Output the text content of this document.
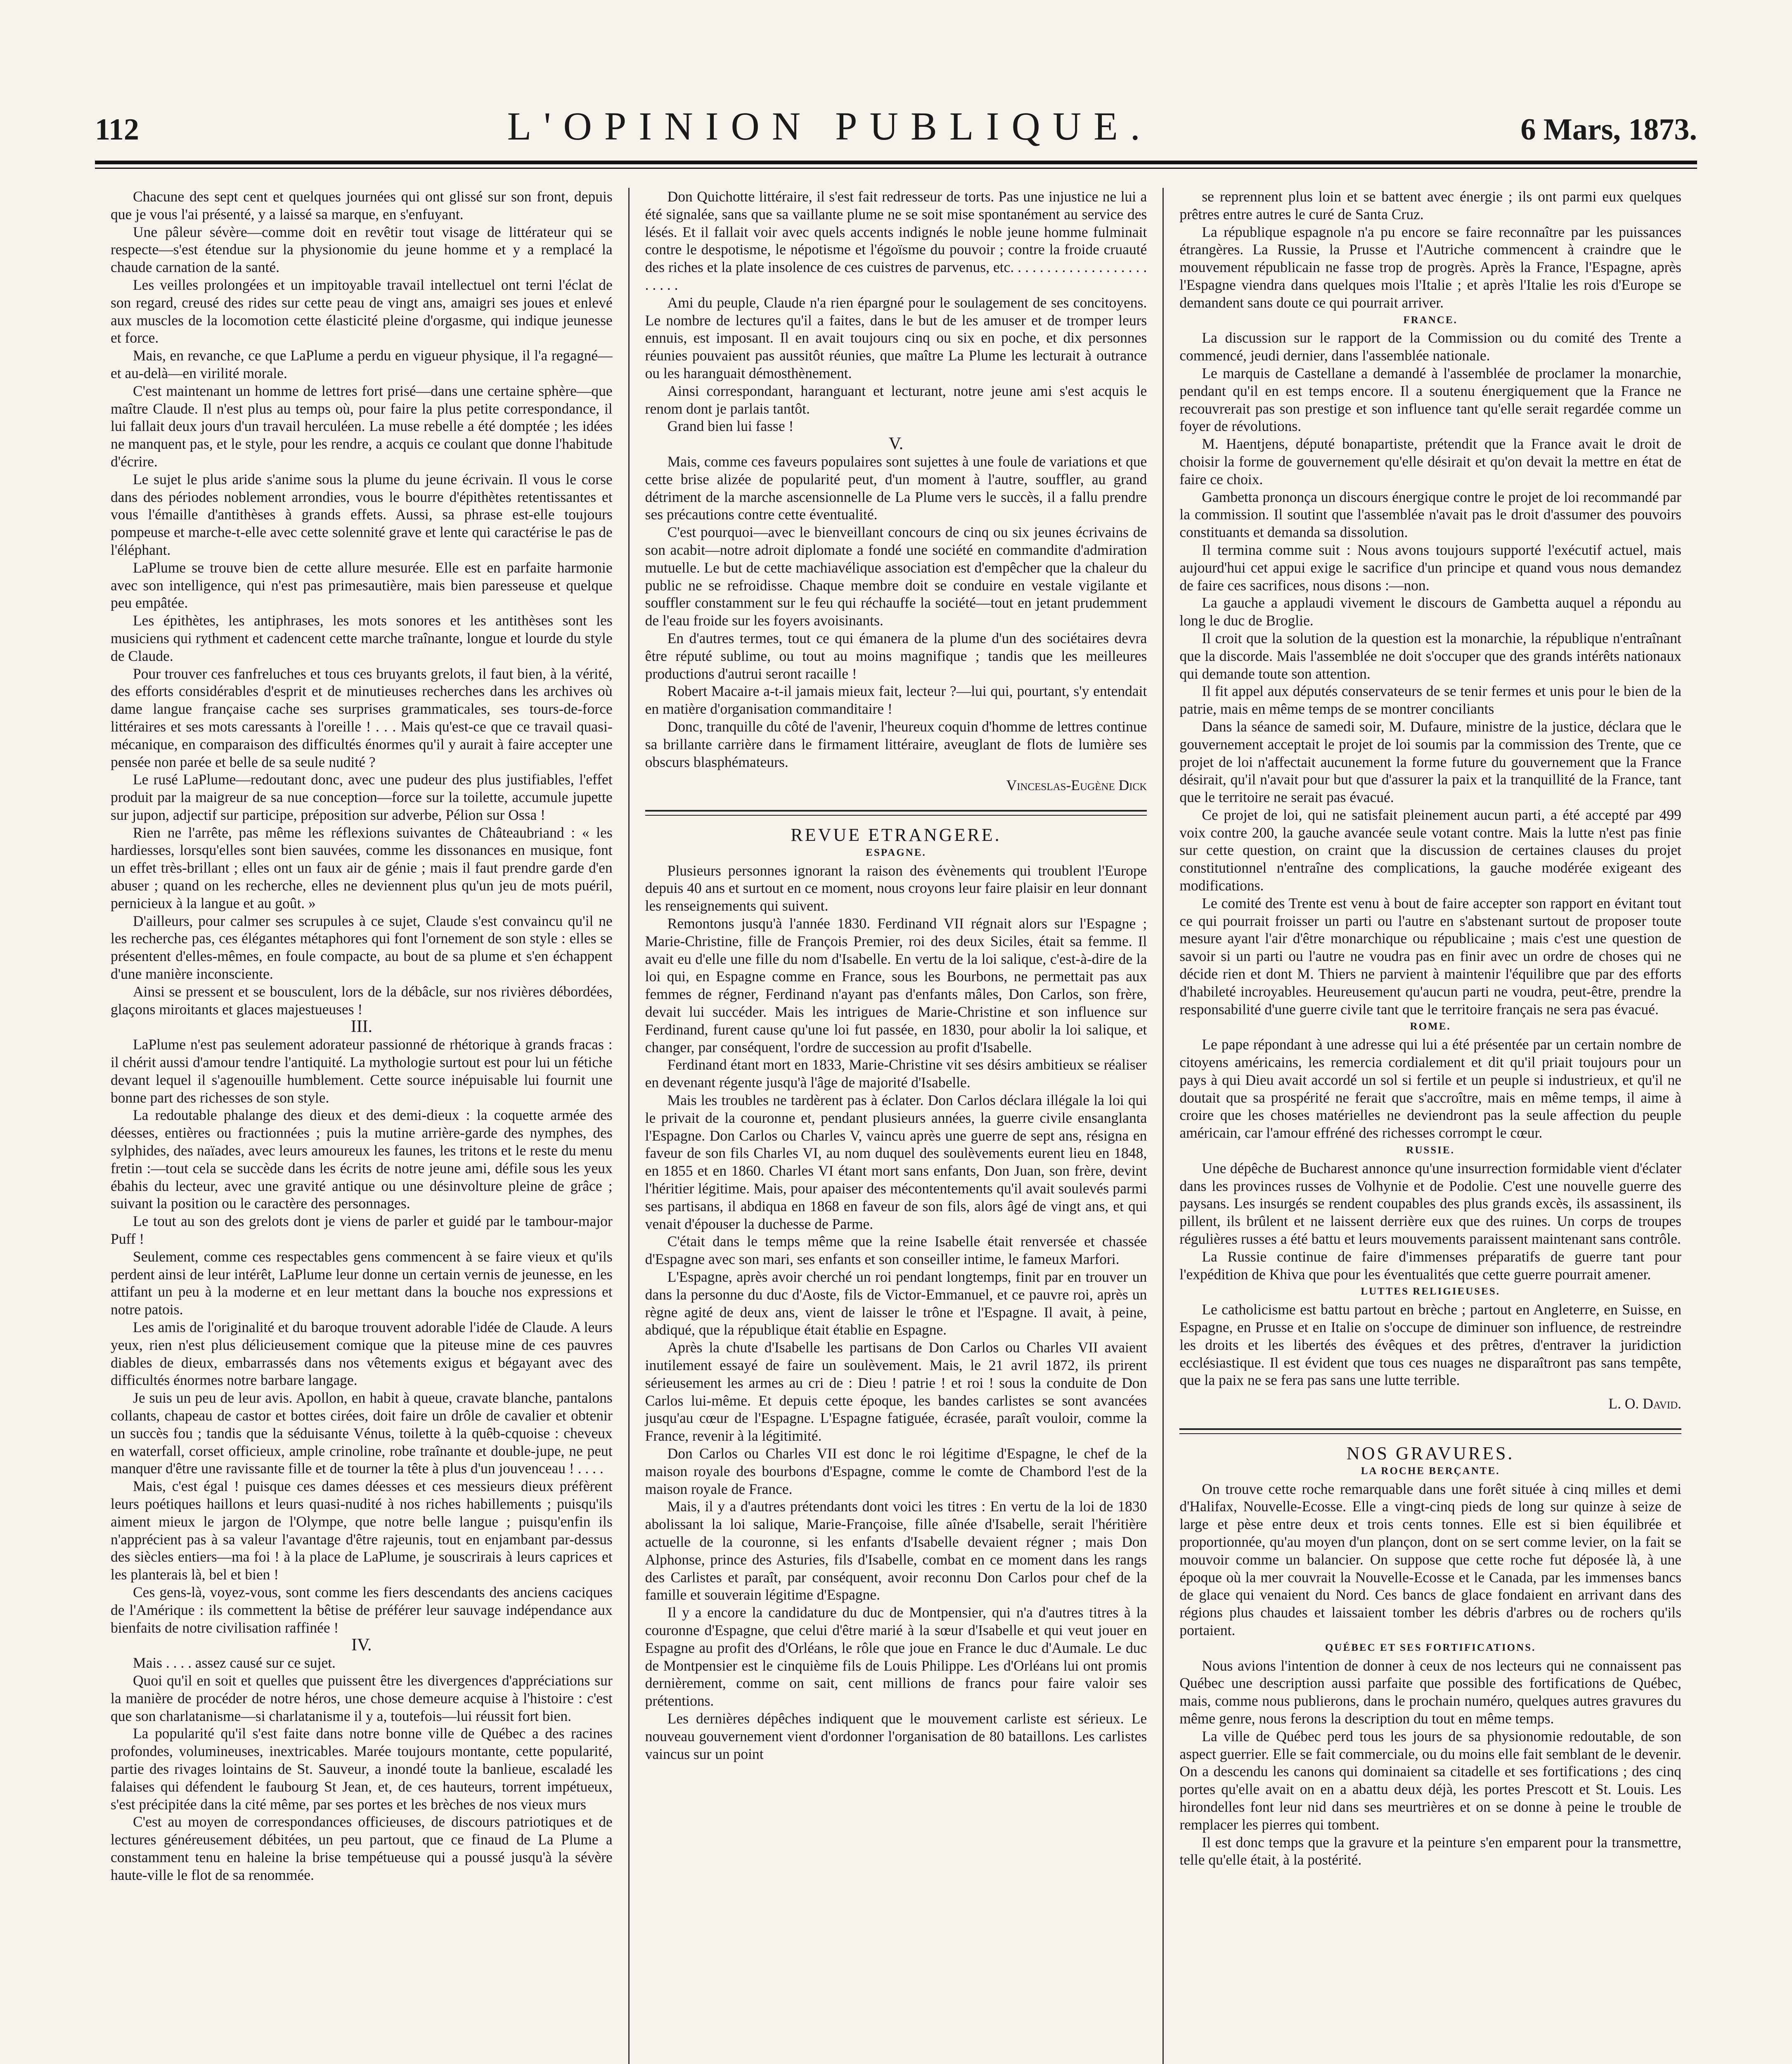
112	L'OPINION PUBLIQUE.	6 Mars, 1873.

Chacune des sept cent et quelques journées qui ont glissé sur son front, depuis que je vous l'ai présenté, y a laissé sa marque, en s'enfuyant.

Une pâleur sévère—comme doit en revêtir tout visage de littérateur qui se respecte—s'est étendue sur la physionomie du jeune homme et y a remplacé la chaude carnation de la santé.

Les veilles prolongées et un impitoyable travail intellectuel ont terni l'éclat de son regard, creusé des rides sur cette peau de vingt ans, amaigri ses joues et enlevé aux muscles de la locomotion cette élasticité pleine d'orgasme, qui indique jeunesse et force.

Mais, en revanche, ce que LaPlume a perdu en vigueur physique, il l'a regagné—et au-delà—en virilité morale.

C'est maintenant un homme de lettres fort prisé—dans une certaine sphère—que maître Claude. Il n'est plus au temps où, pour faire la plus petite correspondance, il lui fallait deux jours d'un travail herculéen. La muse rebelle a été domptée ; les idées ne manquent pas, et le style, pour les rendre, a acquis ce coulant que donne l'habitude d'écrire.

Le sujet le plus aride s'anime sous la plume du jeune écrivain. Il vous le corse dans des périodes noblement arrondies, vous le bourre d'épithètes retentissantes et vous l'émaille d'antithèses à grands effets. Aussi, sa phrase est-elle toujours pompeuse et marche-t-elle avec cette solennité grave et lente qui caractérise le pas de l'éléphant.

LaPlume se trouve bien de cette allure mesurée. Elle est en parfaite harmonie avec son intelligence, qui n'est pas primesautière, mais bien paresseuse et quelque peu empâtée.

Les épithètes, les antiphrases, les mots sonores et les antithèses sont les musiciens qui rythment et cadencent cette marche traînante, longue et lourde du style de Claude.

Pour trouver ces fanfreluches et tous ces bruyants grelots, il faut bien, à la vérité, des efforts considérables d'esprit et de minutieuses recherches dans les archives où dame langue française cache ses surprises grammaticales, ses tours-de-force littéraires et ses mots caressants à l'oreille ! . . . Mais qu'est-ce que ce travail quasi-mécanique, en comparaison des difficultés énormes qu'il y aurait à faire accepter une pensée non parée et belle de sa seule nudité ?

Le rusé LaPlume—redoutant donc, avec une pudeur des plus justifiables, l'effet produit par la maigreur de sa nue conception—force sur la toilette, accumule jupette sur jupon, adjectif sur participe, préposition sur adverbe, Pélion sur Ossa !

Rien ne l'arrête, pas même les réflexions suivantes de Châteaubriand : « les hardiesses, lorsqu'elles sont bien sauvées, comme les dissonances en musique, font un effet très-brillant ; elles ont un faux air de génie ; mais il faut prendre garde d'en abuser ; quand on les recherche, elles ne deviennent plus qu'un jeu de mots puéril, pernicieux à la langue et au goût. »

D'ailleurs, pour calmer ses scrupules à ce sujet, Claude s'est convaincu qu'il ne les recherche pas, ces élégantes métaphores qui font l'ornement de son style : elles se présentent d'elles-mêmes, en foule compacte, au bout de sa plume et s'en échappent d'une manière inconsciente.

Ainsi se pressent et se bousculent, lors de la débâcle, sur nos rivières débordées, glaçons miroitants et glaces majestueuses !

III.

LaPlume n'est pas seulement adorateur passionné de rhétorique à grands fracas : il chérit aussi d'amour tendre l'antiquité. La mythologie surtout est pour lui un fétiche devant lequel il s'agenouille humblement. Cette source inépuisable lui fournit une bonne part des richesses de son style.

La redoutable phalange des dieux et des demi-dieux : la coquette armée des déesses, entières ou fractionnées ; puis la mutine arrière-garde des nymphes, des sylphides, des naïades, avec leurs amoureux les faunes, les tritons et le reste du menu fretin :—tout cela se succède dans les écrits de notre jeune ami, défile sous les yeux ébahis du lecteur, avec une gravité antique ou une désinvolture pleine de grâce ; suivant la position ou le caractère des personnages.

Le tout au son des grelots dont je viens de parler et guidé par le tambour-major Puff !

Seulement, comme ces respectables gens commencent à se faire vieux et qu'ils perdent ainsi de leur intérêt, LaPlume leur donne un certain vernis de jeunesse, en les attifant un peu à la moderne et en leur mettant dans la bouche nos expressions et notre patois.

Les amis de l'originalité et du baroque trouvent adorable l'idée de Claude. A leurs yeux, rien n'est plus délicieusement comique que la piteuse mine de ces pauvres diables de dieux, embarrassés dans nos vêtements exigus et bégayant avec des difficultés énormes notre barbare langage.

Je suis un peu de leur avis. Apollon, en habit à queue, cravate blanche, pantalons collants, chapeau de castor et bottes cirées, doit faire un drôle de cavalier et obtenir un succès fou ; tandis que la séduisante Vénus, toilette à la quêb-cquoise : cheveux en waterfall, corset officieux, ample crinoline, robe traînante et double-jupe, ne peut manquer d'être une ravissante fille et de tourner la tête à plus d'un jouvenceau ! . . . .

Mais, c'est égal ! puisque ces dames déesses et ces messieurs dieux préfèrent leurs poétiques haillons et leurs quasi-nudité à nos riches habillements ; puisqu'ils aiment mieux le jargon de l'Olympe, que notre belle langue ; puisqu'enfin ils n'apprécient pas à sa valeur l'avantage d'être rajeunis, tout en enjambant par-dessus des siècles entiers—ma foi ! à la place de LaPlume, je souscrirais à leurs caprices et les planterais là, bel et bien !

Ces gens-là, voyez-vous, sont comme les fiers descendants des anciens caciques de l'Amérique : ils commettent la bêtise de préférer leur sauvage indépendance aux bienfaits de notre civilisation raffinée !

IV.

Mais . . . . assez causé sur ce sujet.

Quoi qu'il en soit et quelles que puissent être les divergences d'appréciations sur la manière de procéder de notre héros, une chose demeure acquise à l'histoire : c'est que son charlatanisme—si charlatanisme il y a, toutefois—lui réussit fort bien.

La popularité qu'il s'est faite dans notre bonne ville de Québec a des racines profondes, volumineuses, inextricables. Marée toujours montante, cette popularité, partie des rivages lointains de St. Sauveur, a inondé toute la banlieue, escaladé les falaises qui défendent le faubourg St Jean, et, de ces hauteurs, torrent impétueux, s'est précipitée dans la cité même, par ses portes et les brèches de nos vieux murs

C'est au moyen de correspondances officieuses, de discours patriotiques et de lectures généreusement débitées, un peu partout, que ce finaud de La Plume a constamment tenu en haleine la brise tempétueuse qui a poussé jusqu'à la sévère haute-ville le flot de sa renommée.

Don Quichotte littéraire, il s'est fait redresseur de torts. Pas une injustice ne lui a été signalée, sans que sa vaillante plume ne se soit mise spontanément au service des lésés. Et il fallait voir avec quels accents indignés le noble jeune homme fulminait contre le despotisme, le népotisme et l'égoïsme du pouvoir ; contre la froide cruauté des riches et la plate insolence de ces cuistres de parvenus, etc. . . . . . . . . . . . . . . . . . . . . . . .

Ami du peuple, Claude n'a rien épargné pour le soulagement de ses concitoyens. Le nombre de lectures qu'il a faites, dans le but de les amuser et de tromper leurs ennuis, est imposant. Il en avait toujours cinq ou six en poche, et dix personnes réunies pouvaient pas aussitôt réunies, que maître La Plume les lecturait à outrance ou les haranguait démosthènement.

Ainsi correspondant, haranguant et lecturant, notre jeune ami s'est acquis le renom dont je parlais tantôt.

Grand bien lui fasse !

V.

Mais, comme ces faveurs populaires sont sujettes à une foule de variations et que cette brise alizée de popularité peut, d'un moment à l'autre, souffler, au grand détriment de la marche ascensionnelle de La Plume vers le succès, il a fallu prendre ses précautions contre cette éventualité.

C'est pourquoi—avec le bienveillant concours de cinq ou six jeunes écrivains de son acabit—notre adroit diplomate a fondé une société en commandite d'admiration mutuelle. Le but de cette machiavélique association est d'empêcher que la chaleur du public ne se refroidisse. Chaque membre doit se conduire en vestale vigilante et souffler constamment sur le feu qui réchauffe la société—tout en jetant prudemment de l'eau froide sur les foyers avoisinants.

En d'autres termes, tout ce qui émanera de la plume d'un des sociétaires devra être réputé sublime, ou tout au moins magnifique ; tandis que les meilleures productions d'autrui seront racaille !

Robert Macaire a-t-il jamais mieux fait, lecteur ?—lui qui, pourtant, s'y entendait en matière d'organisation commanditaire !

Donc, tranquille du côté de l'avenir, l'heureux coquin d'homme de lettres continue sa brillante carrière dans le firmament littéraire, aveuglant de flots de lumière ses obscurs blasphémateurs.

Vinceslas-Eugène Dick

REVUE ETRANGERE.

ESPAGNE.

Plusieurs personnes ignorant la raison des évènements qui troublent l'Europe depuis 40 ans et surtout en ce moment, nous croyons leur faire plaisir en leur donnant les renseignements qui suivent.

Remontons jusqu'à l'année 1830. Ferdinand VII régnait alors sur l'Espagne ; Marie-Christine, fille de François Premier, roi des deux Siciles, était sa femme. Il avait eu d'elle une fille du nom d'Isabelle. En vertu de la loi salique, c'est-à-dire de la loi qui, en Espagne comme en France, sous les Bourbons, ne permettait pas aux femmes de régner, Ferdinand n'ayant pas d'enfants mâles, Don Carlos, son frère, devait lui succéder. Mais les intrigues de Marie-Christine et son influence sur Ferdinand, furent cause qu'une loi fut passée, en 1830, pour abolir la loi salique, et changer, par conséquent, l'ordre de succession au profit d'Isabelle.

Ferdinand étant mort en 1833, Marie-Christine vit ses désirs ambitieux se réaliser en devenant régente jusqu'à l'âge de majorité d'Isabelle.

Mais les troubles ne tardèrent pas à éclater. Don Carlos déclara illégale la loi qui le privait de la couronne et, pendant plusieurs années, la guerre civile ensanglanta l'Espagne. Don Carlos ou Charles V, vaincu après une guerre de sept ans, résigna en faveur de son fils Charles VI, au nom duquel des soulèvements eurent lieu en 1848, en 1855 et en 1860. Charles VI étant mort sans enfants, Don Juan, son frère, devint l'héritier légitime. Mais, pour apaiser des mécontentements qu'il avait soulevés parmi ses partisans, il abdiqua en 1868 en faveur de son fils, alors âgé de vingt ans, et qui venait d'épouser la duchesse de Parme.

C'était dans le temps même que la reine Isabelle était renversée et chassée d'Espagne avec son mari, ses enfants et son conseiller intime, le fameux Marfori.

L'Espagne, après avoir cherché un roi pendant longtemps, finit par en trouver un dans la personne du duc d'Aoste, fils de Victor-Emmanuel, et ce pauvre roi, après un règne agité de deux ans, vient de laisser le trône et l'Espagne. Il avait, à peine, abdiqué, que la république était établie en Espagne.

Après la chute d'Isabelle les partisans de Don Carlos ou Charles VII avaient inutilement essayé de faire un soulèvement. Mais, le 21 avril 1872, ils prirent sérieusement les armes au cri de : Dieu ! patrie ! et roi ! sous la conduite de Don Carlos lui-même. Et depuis cette époque, les bandes carlistes se sont avancées jusqu'au cœur de l'Espagne. L'Espagne fatiguée, écrasée, paraît vouloir, comme la France, revenir à la légitimité.

Don Carlos ou Charles VII est donc le roi légitime d'Espagne, le chef de la maison royale des bourbons d'Espagne, comme le comte de Chambord l'est de la maison royale de France.

Mais, il y a d'autres prétendants dont voici les titres : En vertu de la loi de 1830 abolissant la loi salique, Marie-Françoise, fille aînée d'Isabelle, serait l'héritière actuelle de la couronne, si les enfants d'Isabelle devaient régner ; mais Don Alphonse, prince des Asturies, fils d'Isabelle, combat en ce moment dans les rangs des Carlistes et paraît, par conséquent, avoir reconnu Don Carlos pour chef de la famille et souverain légitime d'Espagne.

Il y a encore la candidature du duc de Montpensier, qui n'a d'autres titres à la couronne d'Espagne, que celui d'être marié à la sœur d'Isabelle et qui veut jouer en Espagne au profit des d'Orléans, le rôle que joue en France le duc d'Aumale. Le duc de Montpensier est le cinquième fils de Louis Philippe. Les d'Orléans lui ont promis dernièrement, comme on sait, cent millions de francs pour faire valoir ses prétentions.

Les dernières dépêches indiquent que le mouvement carliste est sérieux. Le nouveau gouvernement vient d'ordonner l'organisation de 80 bataillons. Les carlistes vaincus sur un point

se reprennent plus loin et se battent avec énergie ; ils ont parmi eux quelques prêtres entre autres le curé de Santa Cruz.

La république espagnole n'a pu encore se faire reconnaître par les puissances étrangères. La Russie, la Prusse et l'Autriche commencent à craindre que le mouvement républicain ne fasse trop de progrès. Après la France, l'Espagne, après l'Espagne viendra dans quelques mois l'Italie ; et après l'Italie les rois d'Europe se demandent sans doute ce qui pourrait arriver.

FRANCE.

La discussion sur le rapport de la Commission ou du comité des Trente a commencé, jeudi dernier, dans l'assemblée nationale.

Le marquis de Castellane a demandé à l'assemblée de proclamer la monarchie, pendant qu'il en est temps encore. Il a soutenu énergiquement que la France ne recouvrerait pas son prestige et son influence tant qu'elle serait regardée comme un foyer de révolutions.

M. Haentjens, député bonapartiste, prétendit que la France avait le droit de choisir la forme de gouvernement qu'elle désirait et qu'on devait la mettre en état de faire ce choix.

Gambetta prononça un discours énergique contre le projet de loi recommandé par la commission. Il soutint que l'assemblée n'avait pas le droit d'assumer des pouvoirs constituants et demanda sa dissolution.

Il termina comme suit : Nous avons toujours supporté l'exécutif actuel, mais aujourd'hui cet appui exige le sacrifice d'un principe et quand vous nous demandez de faire ces sacrifices, nous disons :—non.

La gauche a applaudi vivement le discours de Gambetta auquel a répondu au long le duc de Broglie.

Il croit que la solution de la question est la monarchie, la république n'entraînant que la discorde. Mais l'assemblée ne doit s'occuper que des grands intérêts nationaux qui demande toute son attention.

Il fit appel aux députés conservateurs de se tenir fermes et unis pour le bien de la patrie, mais en même temps de se montrer conciliants

Dans la séance de samedi soir, M. Dufaure, ministre de la justice, déclara que le gouvernement acceptait le projet de loi soumis par la commission des Trente, que ce projet de loi n'affectait aucunement la forme future du gouvernement que la France désirait, qu'il n'avait pour but que d'assurer la paix et la tranquillité de la France, tant que le territoire ne serait pas évacué.

Ce projet de loi, qui ne satisfait pleinement aucun parti, a été accepté par 499 voix contre 200, la gauche avancée seule votant contre. Mais la lutte n'est pas finie sur cette question, on craint que la discussion de certaines clauses du projet constitutionnel n'entraîne des complications, la gauche modérée exigeant des modifications.

Le comité des Trente est venu à bout de faire accepter son rapport en évitant tout ce qui pourrait froisser un parti ou l'autre en s'abstenant surtout de proposer toute mesure ayant l'air d'être monarchique ou républicaine ; mais c'est une question de savoir si un parti ou l'autre ne voudra pas en finir avec un ordre de choses qui ne décide rien et dont M. Thiers ne parvient à maintenir l'équilibre que par des efforts d'habileté incroyables. Heureusement qu'aucun parti ne voudra, peut-être, prendre la responsabilité d'une guerre civile tant que le territoire français ne sera pas évacué.

ROME.

Le pape répondant à une adresse qui lui a été présentée par un certain nombre de citoyens américains, les remercia cordialement et dit qu'il priait toujours pour un pays à qui Dieu avait accordé un sol si fertile et un peuple si industrieux, et qu'il ne doutait que sa prospérité ne ferait que s'accroître, mais en même temps, il aime à croire que les choses matérielles ne deviendront pas la seule affection du peuple américain, car l'amour effréné des richesses corrompt le cœur.

RUSSIE.

Une dépêche de Bucharest annonce qu'une insurrection formidable vient d'éclater dans les provinces russes de Volhynie et de Podolie. C'est une nouvelle guerre des paysans. Les insurgés se rendent coupables des plus grands excès, ils assassinent, ils pillent, ils brûlent et ne laissent derrière eux que des ruines. Un corps de troupes régulières russes a été battu et leurs mouvements paraissent maintenant sans contrôle.

La Russie continue de faire d'immenses préparatifs de guerre tant pour l'expédition de Khiva que pour les éventualités que cette guerre pourrait amener.

LUTTES RELIGIEUSES.

Le catholicisme est battu partout en brèche ; partout en Angleterre, en Suisse, en Espagne, en Prusse et en Italie on s'occupe de diminuer son influence, de restreindre les droits et les libertés des évêques et des prêtres, d'entraver la juridiction ecclésiastique. Il est évident que tous ces nuages ne disparaîtront pas sans tempête, que la paix ne se fera pas sans une lutte terrible.

L. O. David.

NOS GRAVURES.

LA ROCHE BERÇANTE.

On trouve cette roche remarquable dans une forêt située à cinq milles et demi d'Halifax, Nouvelle-Ecosse. Elle a vingt-cinq pieds de long sur quinze à seize de large et pèse entre deux et trois cents tonnes. Elle est si bien équilibrée et proportionnée, qu'au moyen d'un plançon, dont on se sert comme levier, on la fait se mouvoir comme un balancier. On suppose que cette roche fut déposée là, à une époque où la mer couvrait la Nouvelle-Ecosse et le Canada, par les immenses bancs de glace qui venaient du Nord. Ces bancs de glace fondaient en arrivant dans des régions plus chaudes et laissaient tomber les débris d'arbres ou de rochers qu'ils portaient.

QUÉBEC ET SES FORTIFICATIONS.

Nous avions l'intention de donner à ceux de nos lecteurs qui ne connaissent pas Québec une description aussi parfaite que possible des fortifications de Québec, mais, comme nous publierons, dans le prochain numéro, quelques autres gravures du même genre, nous ferons la description du tout en même temps.

La ville de Québec perd tous les jours de sa physionomie redoutable, de son aspect guerrier. Elle se fait commerciale, ou du moins elle fait semblant de le devenir. On a descendu les canons qui dominaient sa citadelle et ses fortifications ; des cinq portes qu'elle avait on en a abattu deux déjà, les portes Prescott et St. Louis. Les hirondelles font leur nid dans ses meurtrières et on se donne à peine le trouble de remplacer les pierres qui tombent.

Il est donc temps que la gravure et la peinture s'en emparent pour la transmettre, telle qu'elle était, à la postérité.
